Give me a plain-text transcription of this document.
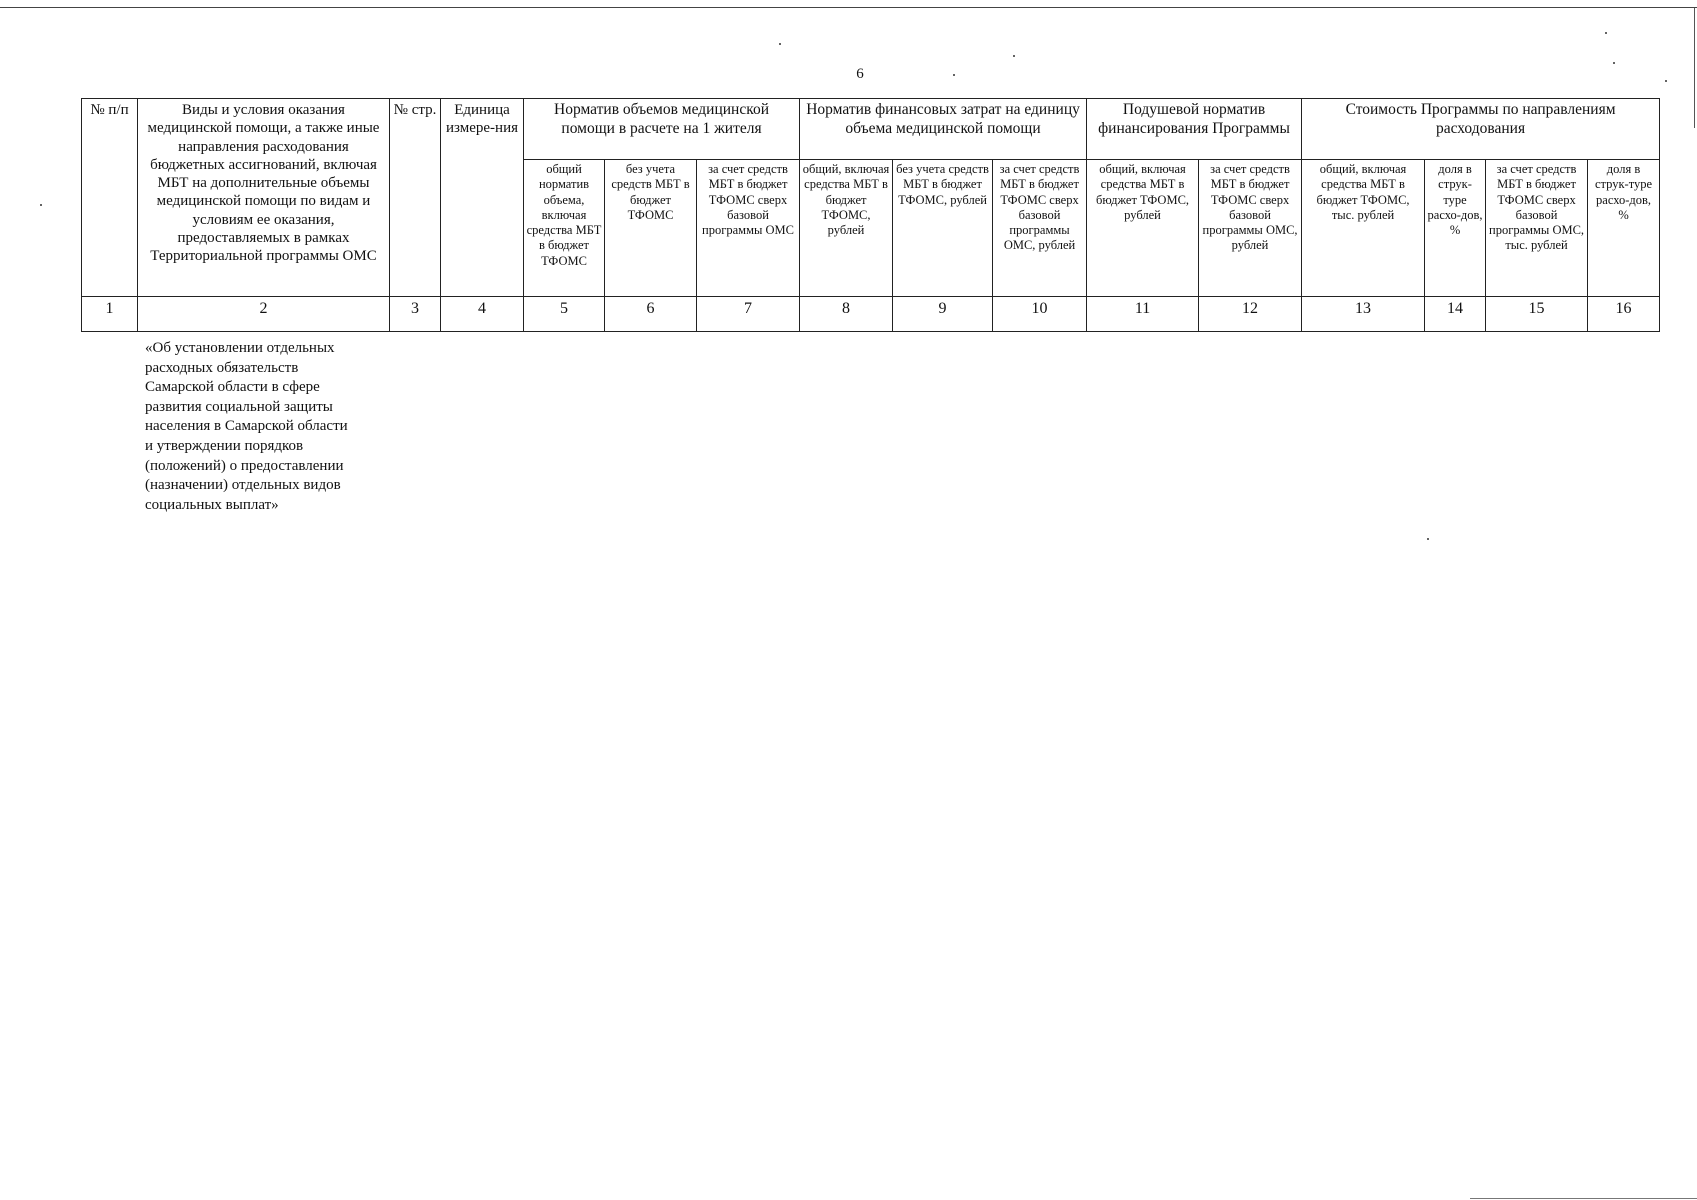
6
№ п/п	Виды и условия оказания медицинской помощи, а также иные направления расходования бюджетных ассигнований, включая МБТ на дополнительные объемы медицинской помощи по видам и условиям ее оказания, предоставляемых в рамках Территориальной программы ОМС	№ стр.	Единица измере-ния	Норматив объемов медицинской помощи в расчете на 1 жителя			Норматив финансовых затрат на единицу объема медицинской помощи			Подушевой норматив финансирования Программы		Стоимость Программы по направлениям расходования			
				общий норматив объема, включая средства МБТ в бюджет ТФОМС	без учета средств МБТ в бюджет ТФОМС	за счет средств МБТ в бюджет ТФОМС сверх базовой программы ОМС	общий, включая средства МБТ в бюджет ТФОМС, рублей	без учета средств МБТ в бюджет ТФОМС, рублей	за счет средств МБТ в бюджет ТФОМС сверх базовой программы ОМС, рублей	общий, включая средства МБТ в бюджет ТФОМС, рублей	за счет средств МБТ в бюджет ТФОМС сверх базовой программы ОМС, рублей	общий, включая средства МБТ в бюджет ТФОМС, тыс. рублей	доля в струк-туре расхо-дов, %	за счет средств МБТ в бюджет ТФОМС сверх базовой программы ОМС, тыс. рублей	доля в струк-туре расхо-дов, %
1	2	3	4	5	6	7	8	9	10	11	12	13	14	15	16
«Об установлении отдельных
расходных обязательств
Самарской области в сфере
развития социальной защиты
населения в Самарской области
и утверждении порядков
(положений) о предоставлении
(назначении) отдельных видов
социальных выплат»
